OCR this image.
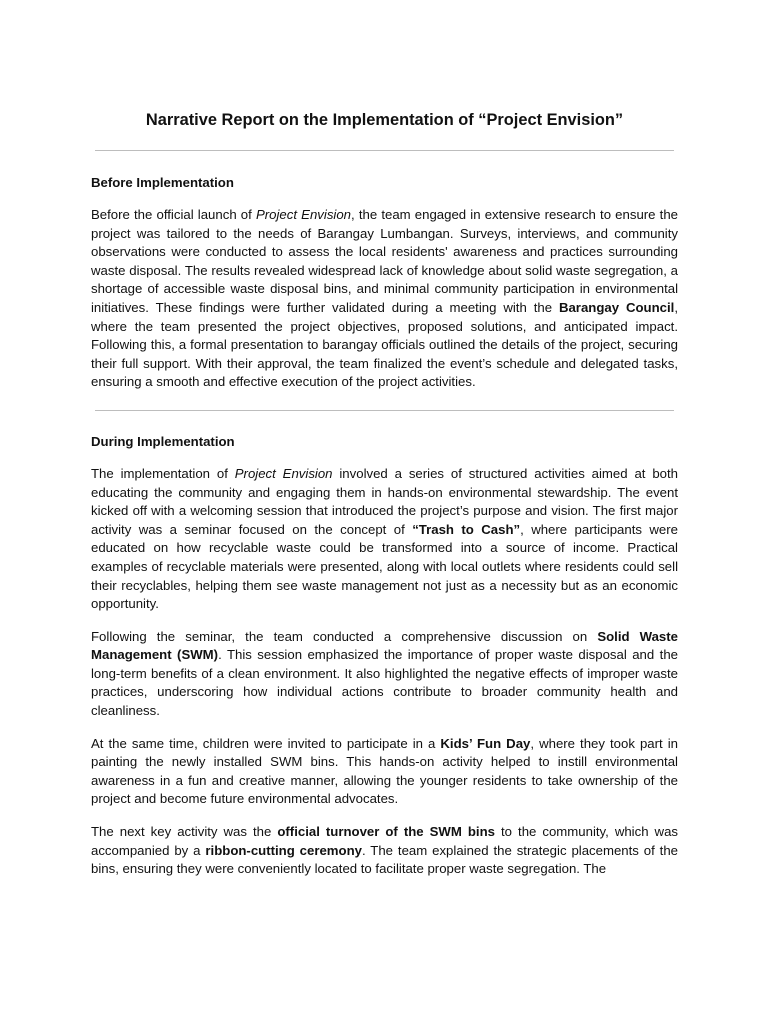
Narrative Report on the Implementation of “Project Envision”
Before Implementation

Before the official launch of Project Envision, the team engaged in extensive research to ensure the project was tailored to the needs of Barangay Lumbangan. Surveys, interviews, and community observations were conducted to assess the local residents' awareness and practices surrounding waste disposal. The results revealed widespread lack of knowledge about solid waste segregation, a shortage of accessible waste disposal bins, and minimal community participation in environmental initiatives. These findings were further validated during a meeting with the Barangay Council, where the team presented the project objectives, proposed solutions, and anticipated impact. Following this, a formal presentation to barangay officials outlined the details of the project, securing their full support. With their approval, the team finalized the event’s schedule and delegated tasks, ensuring a smooth and effective execution of the project activities.

During Implementation

The implementation of Project Envision involved a series of structured activities aimed at both educating the community and engaging them in hands-on environmental stewardship. The event kicked off with a welcoming session that introduced the project’s purpose and vision. The first major activity was a seminar focused on the concept of “Trash to Cash”, where participants were educated on how recyclable waste could be transformed into a source of income. Practical examples of recyclable materials were presented, along with local outlets where residents could sell their recyclables, helping them see waste management not just as a necessity but as an economic opportunity.

Following the seminar, the team conducted a comprehensive discussion on Solid Waste Management (SWM). This session emphasized the importance of proper waste disposal and the long-term benefits of a clean environment. It also highlighted the negative effects of improper waste practices, underscoring how individual actions contribute to broader community health and cleanliness.

At the same time, children were invited to participate in a Kids’ Fun Day, where they took part in painting the newly installed SWM bins. This hands-on activity helped to instill environmental awareness in a fun and creative manner, allowing the younger residents to take ownership of the project and become future environmental advocates.

The next key activity was the official turnover of the SWM bins to the community, which was accompanied by a ribbon-cutting ceremony. The team explained the strategic placements of the bins, ensuring they were conveniently located to facilitate proper waste segregation. The
